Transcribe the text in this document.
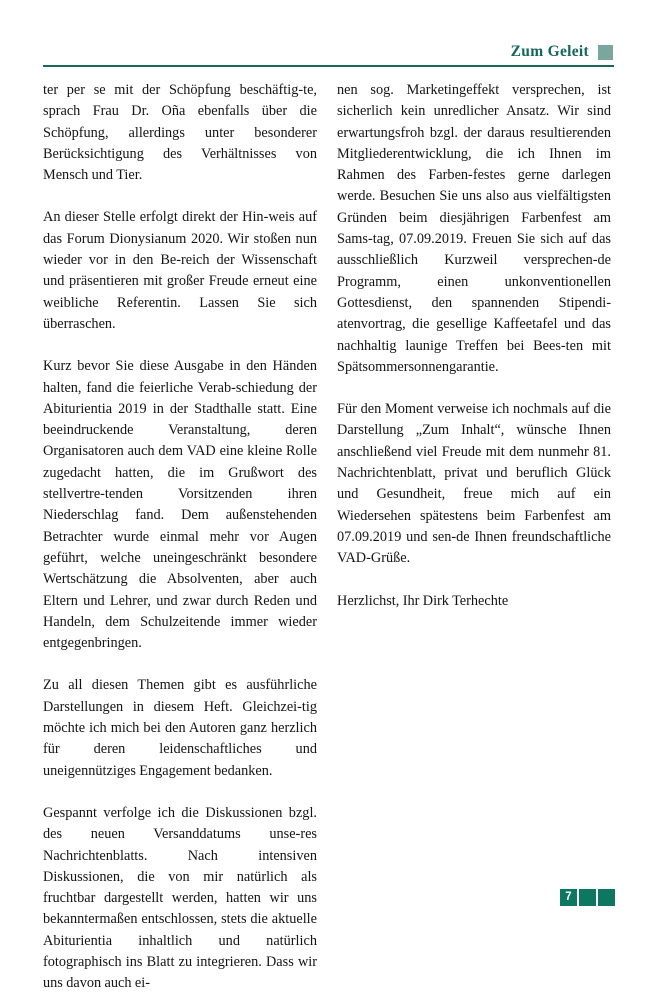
Zum Geleit

ter per se mit der Schöpfung beschäftig-​te, sprach Frau Dr. Oña ebenfalls über die Schöpfung, allerdings unter besonderer Berücksichtigung des Verhältnisses von Mensch und Tier.

An dieser Stelle erfolgt direkt der Hin-​weis auf das Forum Dionysianum 2020. Wir stoßen nun wieder vor in den Be-​reich der Wissenschaft und präsentieren mit großer Freude erneut eine weibliche Referentin. Lassen Sie sich überraschen.

Kurz bevor Sie diese Ausgabe in den Händen halten, fand die feierliche Verab-​schiedung der Abiturientia 2019 in der Stadthalle statt. Eine beeindruckende Veranstaltung, deren Organisatoren auch dem VAD eine kleine Rolle zugedacht hatten, die im Grußwort des stellvertre-​tenden Vorsitzenden ihren Niederschlag fand. Dem außenstehenden Betrachter wurde einmal mehr vor Augen geführt, welche uneingeschränkt besondere Wertschätzung die Absolventen, aber auch Eltern und Lehrer, und zwar durch Reden und Handeln, dem Schulzeitende immer wieder entgegenbringen.

Zu all diesen Themen gibt es ausführliche Darstellungen in diesem Heft. Gleichzei-​tig möchte ich mich bei den Autoren ganz herzlich für deren leidenschaftliches und uneigennütziges Engagement bedanken.

Gespannt verfolge ich die Diskussionen bzgl. des neuen Versanddatums unse-​res Nachrichtenblatts. Nach intensiven Diskussionen, die von mir natürlich als fruchtbar dargestellt werden, hatten wir uns bekanntermaßen entschlossen, stets die aktuelle Abiturientia inhaltlich und natürlich fotographisch ins Blatt zu integrieren. Dass wir uns davon auch ei-

nen sog. Marketingeffekt versprechen, ist sicherlich kein unredlicher Ansatz. Wir sind erwartungsfroh bzgl. der daraus resultierenden Mitgliederentwicklung, die ich Ihnen im Rahmen des Farben-​festes gerne darlegen werde. Besuchen Sie uns also aus vielfältigsten Gründen beim diesjährigen Farbenfest am Sams-​tag, 07.09.2019. Freuen Sie sich auf das ausschließlich Kurzweil versprechen-​de Programm, einen unkonventionellen Gottesdienst, den spannenden Stipendi-​atenvortrag, die gesellige Kaffeetafel und das nachhaltig launige Treffen bei Bees-​ten mit Spätsommersonnengarantie.

Für den Moment verweise ich nochmals auf die Darstellung „Zum Inhalt“, wünsche Ihnen anschließend viel Freude mit dem nunmehr 81. Nachrichtenblatt, privat und beruflich Glück und Gesundheit, freue mich auf ein Wiedersehen spätestens beim Farbenfest am 07.09.2019 und sen-​de Ihnen freundschaftliche VAD-Grüße.

Herzlichst, Ihr Dirk Terhechte

7
